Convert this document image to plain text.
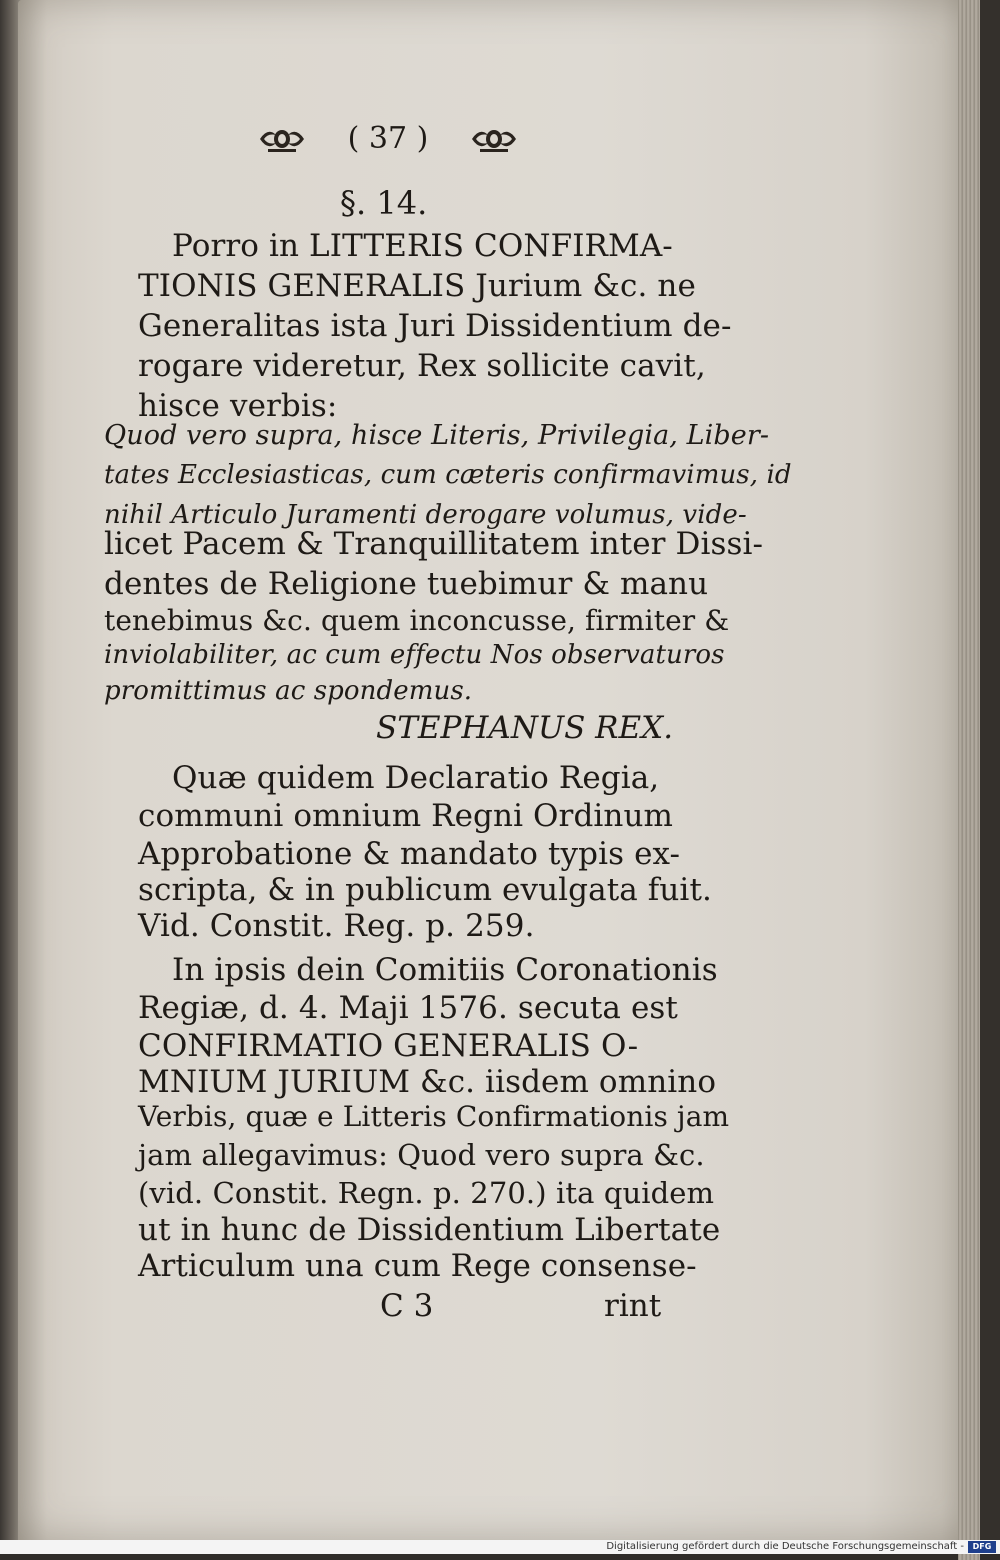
( 37 )
§. 14.
Porro in LITTERIS CONFIRMA-
TIONIS GENERALIS Jurium &c. ne
Generalitas ista Juri Dissidentium de-
rogare videretur, Rex sollicite cavit,
hisce verbis:
Quod vero supra, hisce Literis, Privilegia, Liber-
tates Ecclesiasticas, cum cæteris confirmavimus, id
nihil Articulo Juramenti derogare volumus, vide-
licet Pacem & Tranquillitatem inter Dissi-
dentes de Religione tuebimur & manu
tenebimus &c. quem inconcusse, firmiter &
inviolabiliter, ac cum effectu Nos observaturos
promittimus ac spondemus.
STEPHANUS REX.
Quæ quidem Declaratio Regia,
communi omnium Regni Ordinum
Approbatione & mandato typis ex-
scripta, & in publicum evulgata fuit.
Vid. Constit. Reg. p. 259.
In ipsis dein Comitiis Coronationis
Regiæ, d. 4. Maji 1576. secuta est
CONFIRMATIO GENERALIS O-
MNIUM JURIUM &c. iisdem omnino
Verbis, quæ e Litteris Confirmationis jam
jam allegavimus: Quod vero supra &c.
(vid. Constit. Regn. p. 270.) ita quidem
ut in hunc de Dissidentium Libertate
Articulum una cum Rege consense-
C 3	rint
Digitalisierung gefördert durch die Deutsche Forschungsgemeinschaft -	DFG
